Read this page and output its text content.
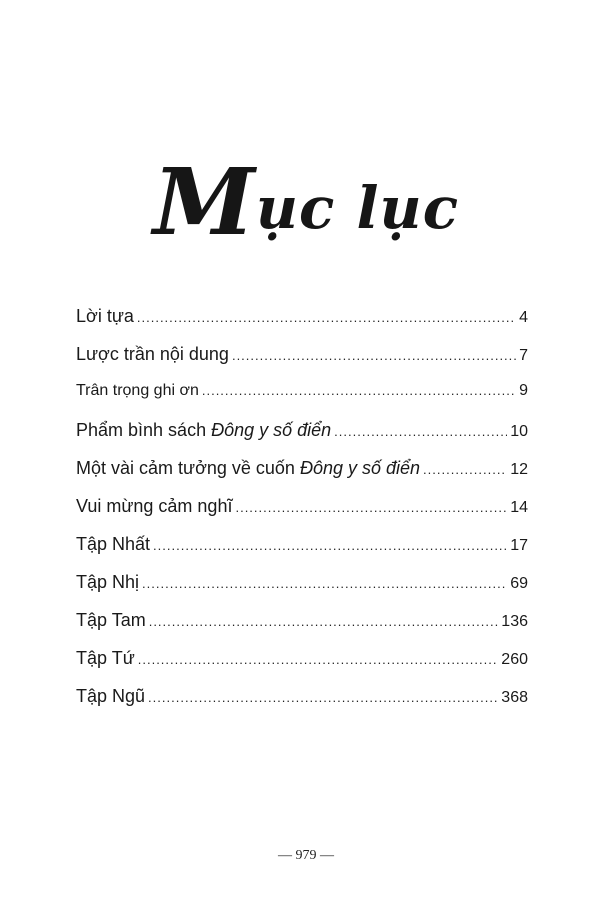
Mục lục
Lời tựa .....	4
Lược trần nội dung .....	7
Trân trọng ghi ơn .....	9
Phẩm bình sách Đông y số điển .....	10
Một vài cảm tưởng về cuốn Đông y số điển .....	12
Vui mừng cảm nghĩ .....	14
Tập Nhất .....	17
Tập Nhị .....	69
Tập Tam .....	136
Tập Tứ .....	260
Tập Ngũ .....	368
— 979 —
